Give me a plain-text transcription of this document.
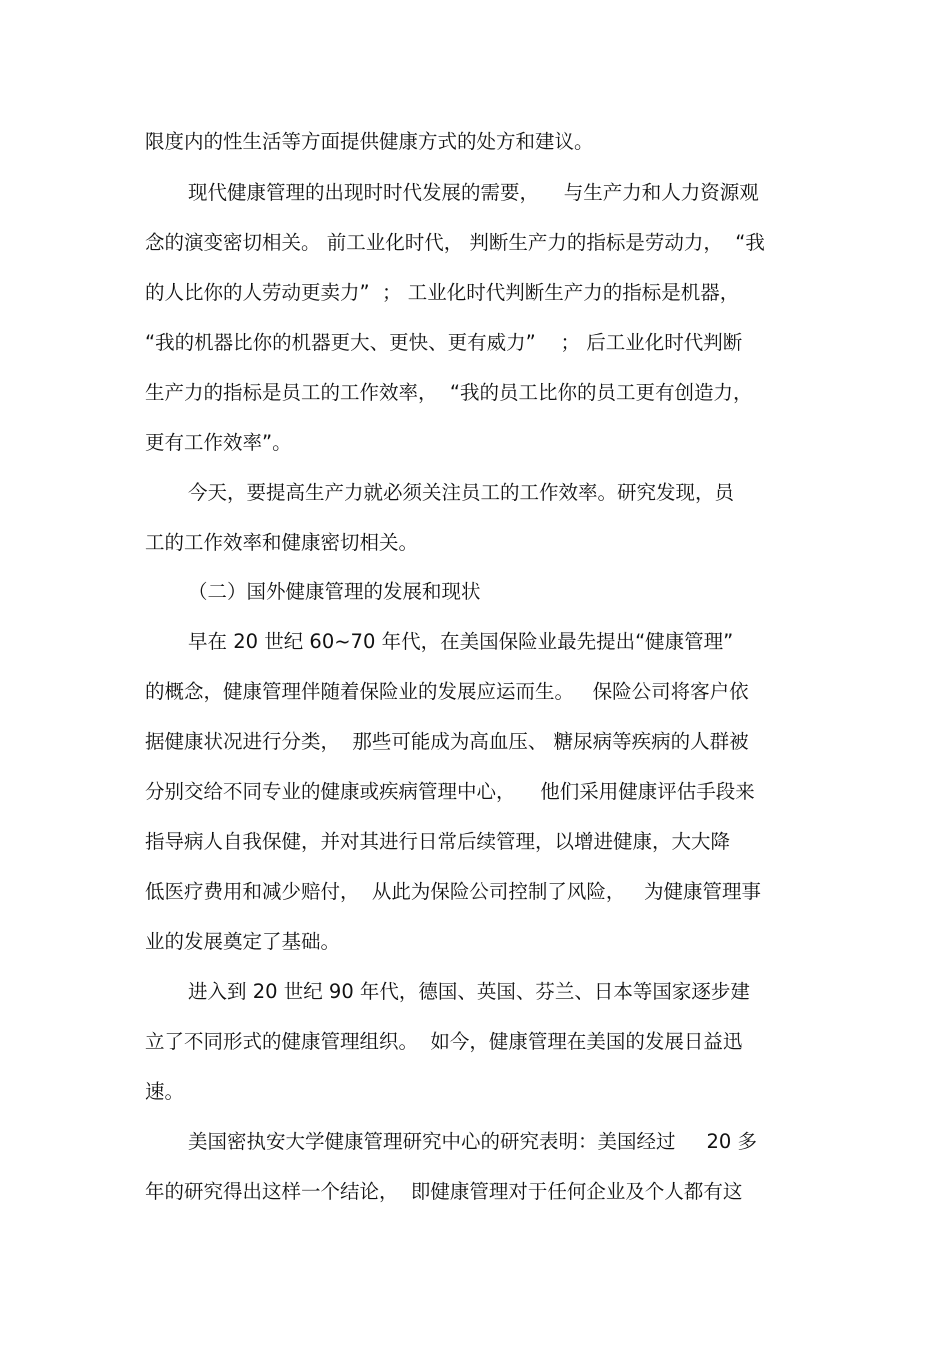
限度内的性生活等方面提供健康方式的处方和建议。
现代健康管理的出现时时代发展的需要，    与生产力和人力资源观
念的演变密切相关。 前工业化时代， 判断生产力的指标是劳动力，  “我
的人比你的人劳动更卖力”  ； 工业化时代判断生产力的指标是机器，
“我的机器比你的机器更大、更快、更有威力”    ； 后工业化时代判断
生产力的指标是员工的工作效率，  “我的员工比你的员工更有创造力，
更有工作效率”。
今天，要提高生产力就必须关注员工的工作效率。研究发现，员
工的工作效率和健康密切相关。
（二）国外健康管理的发展和现状
早在 20 世纪 60~70 年代，在美国保险业最先提出“健康管理”
的概念，健康管理伴随着保险业的发展应运而生。   保险公司将客户依
据健康状况进行分类，  那些可能成为高血压、 糖尿病等疾病的人群被
分别交给不同专业的健康或疾病管理中心，    他们采用健康评估手段来
指导病人自我保健，并对其进行日常后续管理，以增进健康，大大降
低医疗费用和减少赔付，  从此为保险公司控制了风险，   为健康管理事
业的发展奠定了基础。
进入到 20 世纪 90 年代，德国、英国、芬兰、日本等国家逐步建
立了不同形式的健康管理组织。  如今，健康管理在美国的发展日益迅
速。
美国密执安大学健康管理研究中心的研究表明：美国经过     20 多
年的研究得出这样一个结论，  即健康管理对于任何企业及个人都有这
